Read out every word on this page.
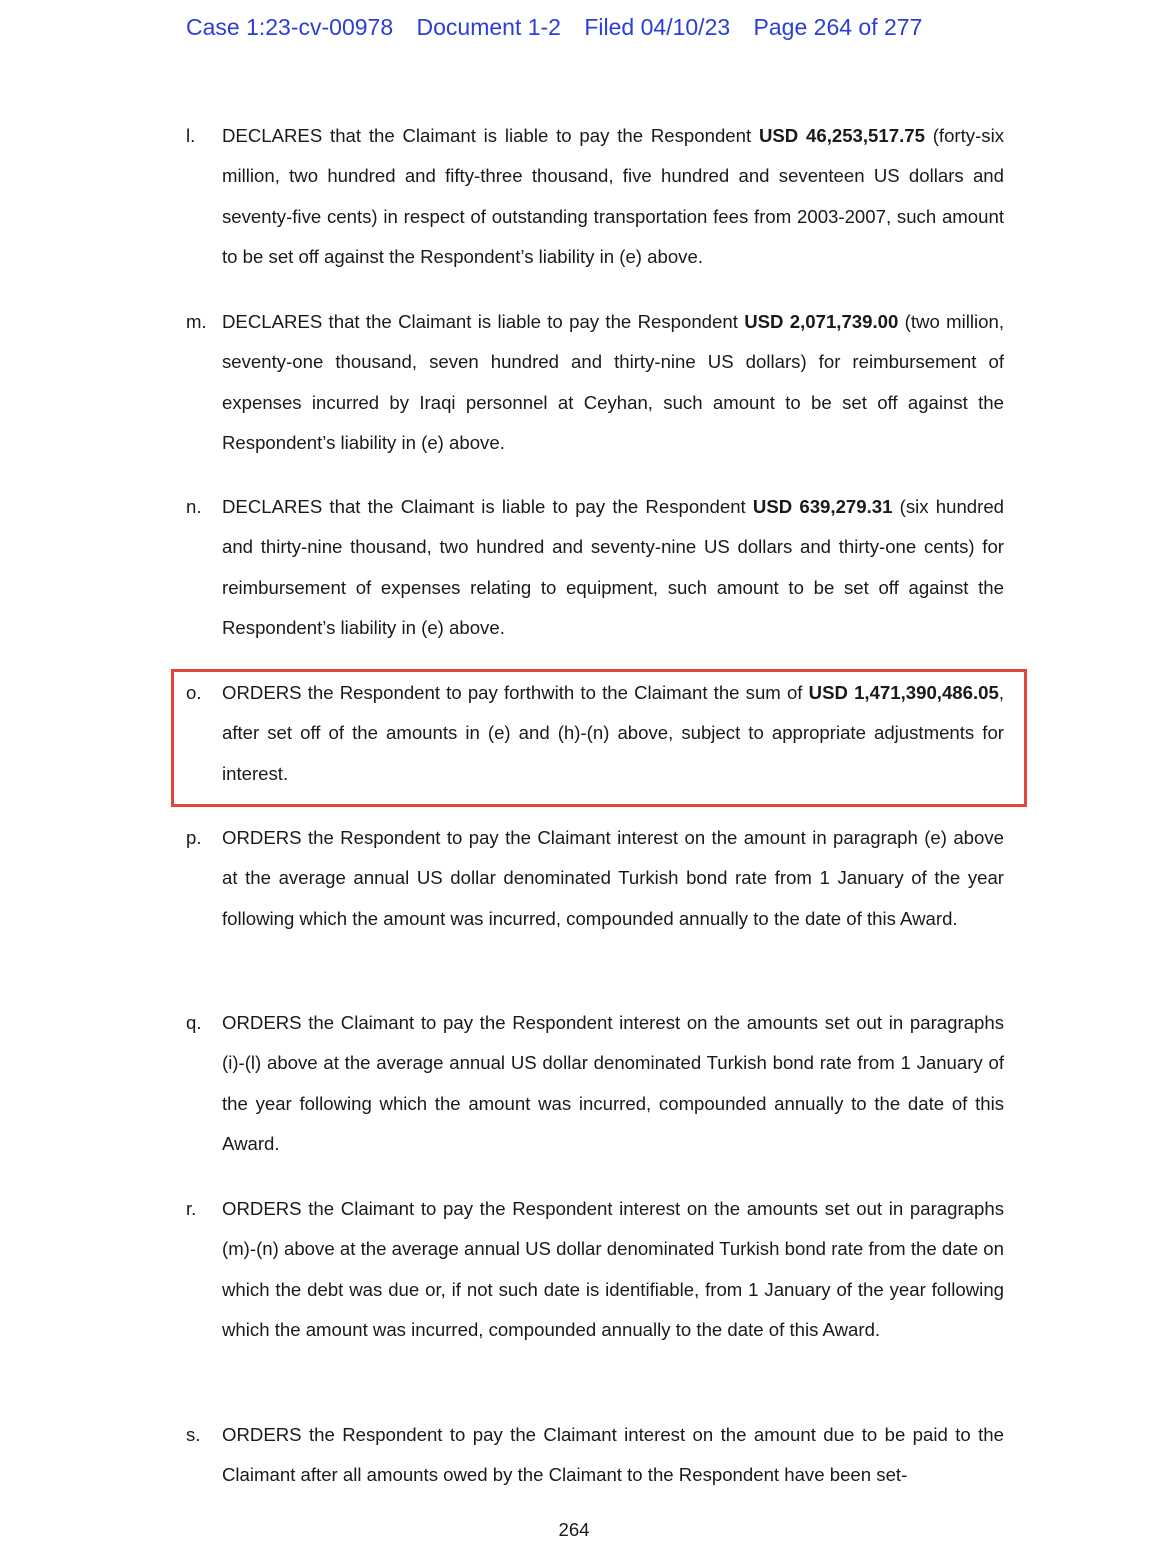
Case 1:23-cv-00978 Document 1-2 Filed 04/10/23 Page 264 of 277
l. DECLARES that the Claimant is liable to pay the Respondent USD 46,253,517.75 (forty-six million, two hundred and fifty-three thousand, five hundred and seventeen US dollars and seventy-five cents) in respect of outstanding transportation fees from 2003-2007, such amount to be set off against the Respondent’s liability in (e) above.
m. DECLARES that the Claimant is liable to pay the Respondent USD 2,071,739.00 (two million, seventy-one thousand, seven hundred and thirty-nine US dollars) for reimbursement of expenses incurred by Iraqi personnel at Ceyhan, such amount to be set off against the Respondent’s liability in (e) above.
n. DECLARES that the Claimant is liable to pay the Respondent USD 639,279.31 (six hundred and thirty-nine thousand, two hundred and seventy-nine US dollars and thirty-one cents) for reimbursement of expenses relating to equipment, such amount to be set off against the Respondent’s liability in (e) above.
o. ORDERS the Respondent to pay forthwith to the Claimant the sum of USD 1,471,390,486.05, after set off of the amounts in (e) and (h)-(n) above, subject to appropriate adjustments for interest.
p. ORDERS the Respondent to pay the Claimant interest on the amount in paragraph (e) above at the average annual US dollar denominated Turkish bond rate from 1 January of the year following which the amount was incurred, compounded annually to the date of this Award.
q. ORDERS the Claimant to pay the Respondent interest on the amounts set out in paragraphs (i)-(l) above at the average annual US dollar denominated Turkish bond rate from 1 January of the year following which the amount was incurred, compounded annually to the date of this Award.
r. ORDERS the Claimant to pay the Respondent interest on the amounts set out in paragraphs (m)-(n) above at the average annual US dollar denominated Turkish bond rate from the date on which the debt was due or, if not such date is identifiable, from 1 January of the year following which the amount was incurred, compounded annually to the date of this Award.
s. ORDERS the Respondent to pay the Claimant interest on the amount due to be paid to the Claimant after all amounts owed by the Claimant to the Respondent have been set-
264
